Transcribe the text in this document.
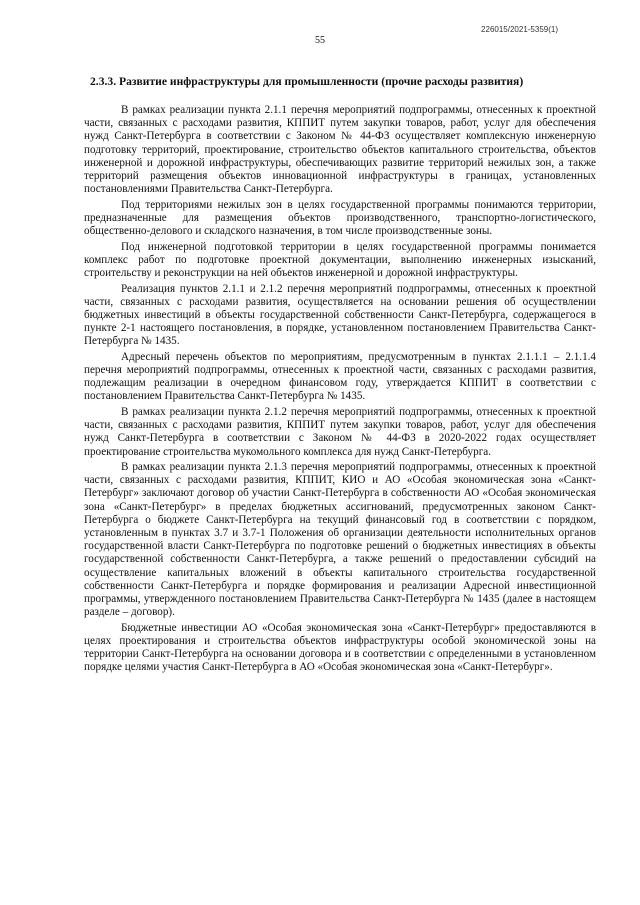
226015/2021-5359(1)
55
2.3.3. Развитие инфраструктуры для промышленности (прочие расходы развития)

В рамках реализации пункта 2.1.1 перечня мероприятий подпрограммы, отнесенных к проектной части, связанных с расходами развития, КППИТ путем закупки товаров, работ, услуг для обеспечения нужд Санкт-Петербурга в соответствии с Законом № 44-ФЗ осуществляет комплексную инженерную подготовку территорий, проектирование, строительство объектов капитального строительства, объектов инженерной и дорожной инфраструктуры, обеспечивающих развитие территорий нежилых зон, а также территорий размещения объектов инновационной инфраструктуры в границах, установленных постановлениями Правительства Санкт-Петербурга.

Под территориями нежилых зон в целях государственной программы понимаются территории, предназначенные для размещения объектов производственного, транспортно-логистического, общественно-делового и складского назначения, в том числе производственные зоны.

Под инженерной подготовкой территории в целях государственной программы понимается комплекс работ по подготовке проектной документации, выполнению инженерных изысканий, строительству и реконструкции на ней объектов инженерной и дорожной инфраструктуры.

Реализация пунктов 2.1.1 и 2.1.2 перечня мероприятий подпрограммы, отнесенных к проектной части, связанных с расходами развития, осуществляется на основании решения об осуществлении бюджетных инвестиций в объекты государственной собственности Санкт-Петербурга, содержащегося в пункте 2-1 настоящего постановления, в порядке, установленном постановлением Правительства Санкт-Петербурга № 1435.

Адресный перечень объектов по мероприятиям, предусмотренным в пунктах 2.1.1.1 – 2.1.1.4 перечня мероприятий подпрограммы, отнесенных к проектной части, связанных с расходами развития, подлежащим реализации в очередном финансовом году, утверждается КППИТ в соответствии с постановлением Правительства Санкт-Петербурга № 1435.

В рамках реализации пункта 2.1.2 перечня мероприятий подпрограммы, отнесенных к проектной части, связанных с расходами развития, КППИТ путем закупки товаров, работ, услуг для обеспечения нужд Санкт-Петербурга в соответствии с Законом № 44-ФЗ в 2020-2022 годах осуществляет проектирование строительства мукомольного комплекса для нужд Санкт-Петербурга.

В рамках реализации пункта 2.1.3 перечня мероприятий подпрограммы, отнесенных к проектной части, связанных с расходами развития, КППИТ, КИО и АО «Особая экономическая зона «Санкт-Петербург» заключают договор об участии Санкт-Петербурга в собственности АО «Особая экономическая зона «Санкт-Петербург» в пределах бюджетных ассигнований, предусмотренных законом Санкт-Петербурга о бюджете Санкт-Петербурга на текущий финансовый год в соответствии с порядком, установленным в пунктах 3.7 и 3.7-1 Положения об организации деятельности исполнительных органов государственной власти Санкт-Петербурга по подготовке решений о бюджетных инвестициях в объекты государственной собственности Санкт-Петербурга, а также решений о предоставлении субсидий на осуществление капитальных вложений в объекты капитального строительства государственной собственности Санкт-Петербурга и порядке формирования и реализации Адресной инвестиционной программы, утвержденного постановлением Правительства Санкт-Петербурга № 1435 (далее в настоящем разделе – договор).

Бюджетные инвестиции АО «Особая экономическая зона «Санкт-Петербург» предоставляются в целях проектирования и строительства объектов инфраструктуры особой экономической зоны на территории Санкт-Петербурга на основании договора и в соответствии с определенными в установленном порядке целями участия Санкт-Петербурга в АО «Особая экономическая зона «Санкт-Петербург».
